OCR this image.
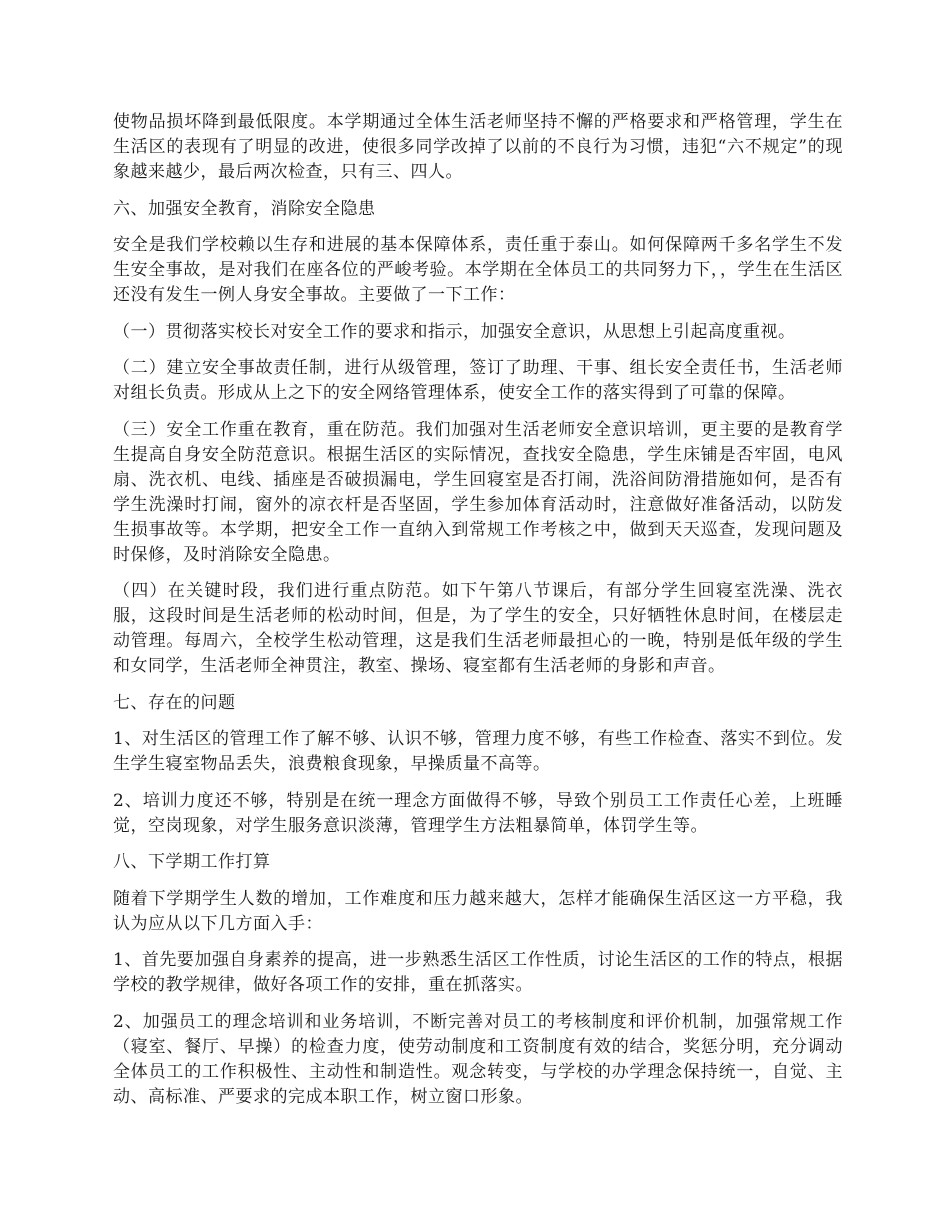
使物品损坏降到最低限度。本学期通过全体生活老师坚持不懈的严格要求和严格管理，学生在生活区的表现有了明显的改进，使很多同学改掉了以前的不良行为习惯，违犯“六不规定”的现象越来越少，最后两次检查，只有三、四人。

六、加强安全教育，消除安全隐患

安全是我们学校赖以生存和进展的基本保障体系，责任重于泰山。如何保障两千多名学生不发生安全事故，是对我们在座各位的严峻考验。本学期在全体员工的共同努力下，，学生在生活区还没有发生一例人身安全事故。主要做了一下工作：

（一）贯彻落实校长对安全工作的要求和指示，加强安全意识，从思想上引起高度重视。

（二）建立安全事故责任制，进行从级管理，签订了助理、干事、组长安全责任书，生活老师对组长负责。形成从上之下的安全网络管理体系，使安全工作的落实得到了可靠的保障。

（三）安全工作重在教育，重在防范。我们加强对生活老师安全意识培训，更主要的是教育学生提高自身安全防范意识。根据生活区的实际情况，查找安全隐患，学生床铺是否牢固，电风扇、洗衣机、电线、插座是否破损漏电，学生回寝室是否打闹，洗浴间防滑措施如何，是否有学生洗澡时打闹，窗外的凉衣杆是否坚固，学生参加体育活动时，注意做好准备活动，以防发生损事故等。本学期，把安全工作一直纳入到常规工作考核之中，做到天天巡查，发现问题及时保修，及时消除安全隐患。

（四）在关键时段，我们进行重点防范。如下午第八节课后，有部分学生回寝室洗澡、洗衣服，这段时间是生活老师的松动时间，但是，为了学生的安全，只好牺牲休息时间，在楼层走动管理。每周六，全校学生松动管理，这是我们生活老师最担心的一晚，特别是低年级的学生和女同学，生活老师全神贯注，教室、操场、寝室都有生活老师的身影和声音。

七、存在的问题

1、对生活区的管理工作了解不够、认识不够，管理力度不够，有些工作检查、落实不到位。发生学生寝室物品丢失，浪费粮食现象，早操质量不高等。

2、培训力度还不够，特别是在统一理念方面做得不够，导致个别员工工作责任心差，上班睡觉，空岗现象，对学生服务意识淡薄，管理学生方法粗暴简单，体罚学生等。

八、下学期工作打算

随着下学期学生人数的增加，工作难度和压力越来越大，怎样才能确保生活区这一方平稳，我认为应从以下几方面入手：

1、首先要加强自身素养的提高，进一步熟悉生活区工作性质，讨论生活区的工作的特点，根据学校的教学规律，做好各项工作的安排，重在抓落实。

2、加强员工的理念培训和业务培训，不断完善对员工的考核制度和评价机制，加强常规工作（寝室、餐厅、早操）的检查力度，使劳动制度和工资制度有效的结合，奖惩分明，充分调动全体员工的工作积极性、主动性和制造性。观念转变，与学校的办学理念保持统一，自觉、主动、高标准、严要求的完成本职工作，树立窗口形象。
